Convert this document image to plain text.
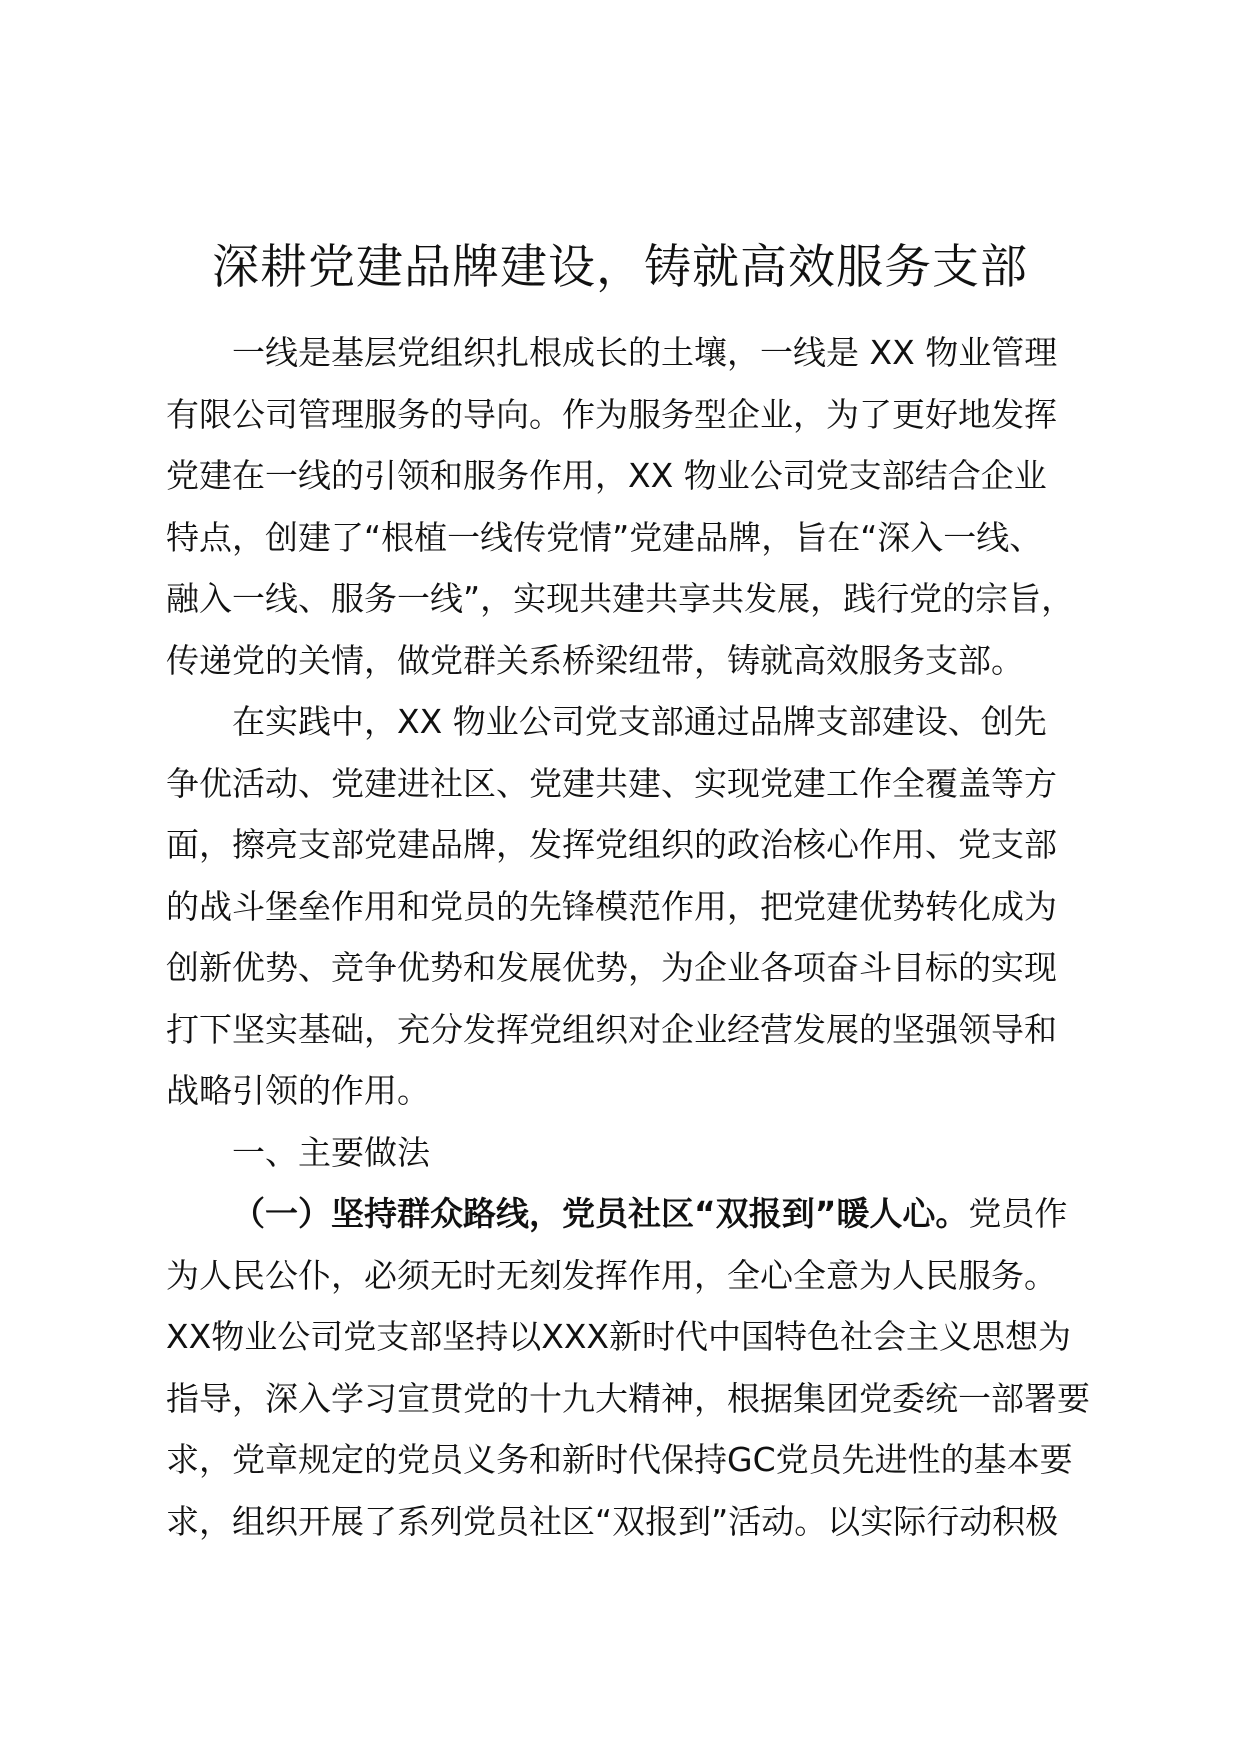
深耕党建品牌建设，铸就高效服务支部
一线是基层党组织扎根成长的土壤，一线是 XX 物业管理
有限公司管理服务的导向。作为服务型企业，为了更好地发挥
党建在一线的引领和服务作用，XX 物业公司党支部结合企业
特点，创建了“根植一线传党情”党建品牌，旨在“深入一线、
融入一线、服务一线”，实现共建共享共发展，践行党的宗旨，
传递党的关情，做党群关系桥梁纽带，铸就高效服务支部。
在实践中，XX 物业公司党支部通过品牌支部建设、创先
争优活动、党建进社区、党建共建、实现党建工作全覆盖等方
面，擦亮支部党建品牌，发挥党组织的政治核心作用、党支部
的战斗堡垒作用和党员的先锋模范作用，把党建优势转化成为
创新优势、竞争优势和发展优势，为企业各项奋斗目标的实现
打下坚实基础，充分发挥党组织对企业经营发展的坚强领导和
战略引领的作用。
一、主要做法
（一）坚持群众路线，党员社区“双报到”暖人心。党员作
为人民公仆，必须无时无刻发挥作用，全心全意为人民服务。
XX物业公司党支部坚持以XXX新时代中国特色社会主义思想为
指导，深入学习宣贯党的十九大精神，根据集团党委统一部署要
求，党章规定的党员义务和新时代保持GC党员先进性的基本要
求，组织开展了系列党员社区“双报到”活动。以实际行动积极
